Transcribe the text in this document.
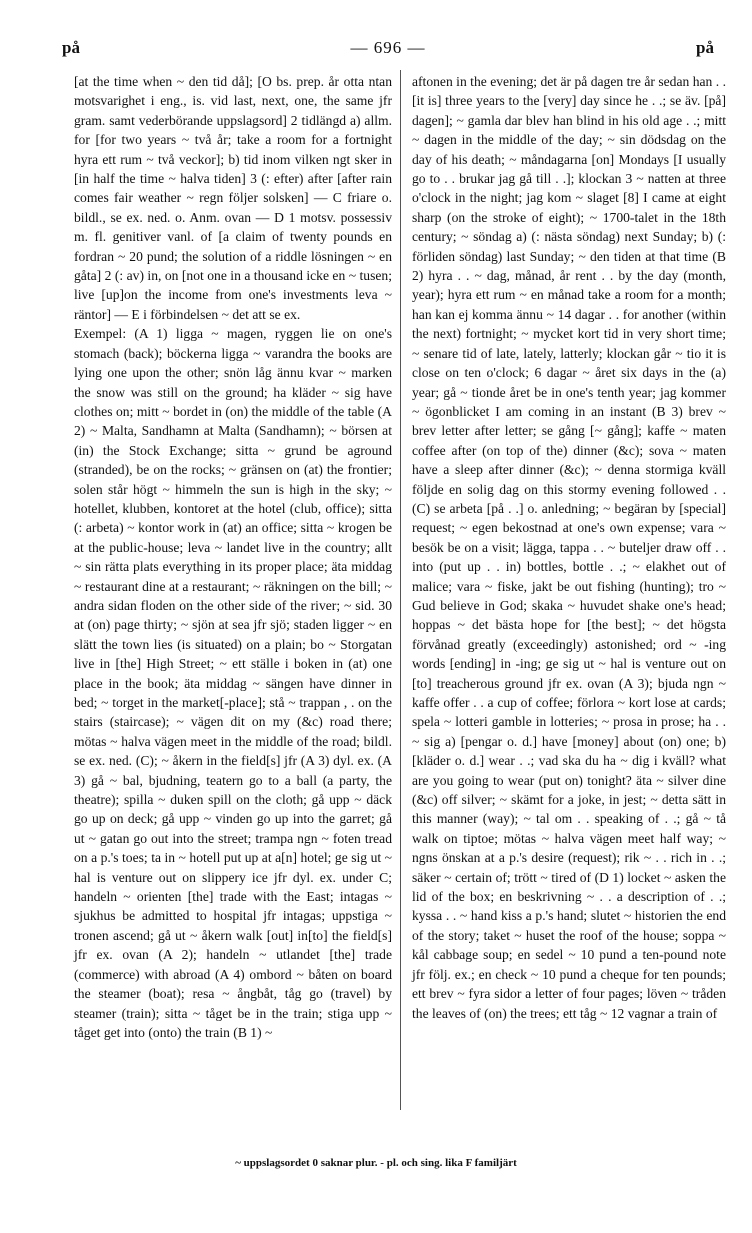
på	— 696 —	på

[at the time when ~ den tid då]; [O bs. prep. år otta ntan motsvarighet i eng., is. vid last, next, one, the same jfr gram. samt vederbörande uppslagsord] 2 tidlängd a) allm. for [for two years ~ två år; take a room for a fortnight hyra ett rum ~ två veckor]; b) tid inom vilken ngt sker in [in half the time ~ halva tiden] 3 (: efter) after [after rain comes fair weather ~ regn följer solsken] — C friare o. bildl., se ex. ned. o. Anm. ovan — D 1 motsv. possessiv m. fl. genitiver vanl. of [a claim of twenty pounds en fordran ~ 20 pund; the solution of a riddle lösningen ~ en gåta] 2 (: av) in, on [not one in a thousand icke en ~ tusen; live [up]on the income from one's investments leva ~ räntor] — E i förbindelsen ~ det att se ex.

Exempel: (A 1) ligga ~ magen, ryggen lie on one's stomach (back); böckerna ligga ~ varandra the books are lying one upon the other; snön låg ännu kvar ~ marken the snow was still on the ground; ha kläder ~ sig have clothes on; mitt ~ bordet in (on) the middle of the table (A 2) ~ Malta, Sandhamn at Malta (Sandhamn); ~ börsen at (in) the Stock Exchange; sitta ~ grund be aground (stranded), be on the rocks; ~ gränsen on (at) the frontier; solen står högt ~ himmeln the sun is high in the sky; ~ hotellet, klubben, kontoret at the hotel (club, office); sitta (: arbeta) ~ kontor work in (at) an office; sitta ~ krogen be at the public-house; leva ~ landet live in the country; allt ~ sin rätta plats everything in its proper place; äta middag ~ restaurant dine at a restaurant; ~ räkningen on the bill; ~ andra sidan floden on the other side of the river; ~ sid. 30 at (on) page thirty; ~ sjön at sea jfr sjö; staden ligger ~ en slätt the town lies (is situated) on a plain; bo ~ Storgatan live in [the] High Street; ~ ett ställe i boken in (at) one place in the book; äta middag ~ sängen have dinner in bed; ~ torget in the market[-place]; stå ~ trappan , . on the stairs (staircase); ~ vägen dit on my (&c) road there; mötas ~ halva vägen meet in the middle of the road; bildl. se ex. ned. (C); ~ åkern in the field[s] jfr (A 3) dyl. ex. (A 3) gå ~ bal, bjudning, teatern go to a ball (a party, the theatre); spilla ~ duken spill on the cloth; gå upp ~ däck go up on deck; gå upp ~ vinden go up into the garret; gå ut ~ gatan go out into the street; trampa ngn ~ foten tread on a p.'s toes; ta in ~ hotell put up at a[n] hotel; ge sig ut ~ hal is venture out on slippery ice jfr dyl. ex. under C; handeln ~ orienten [the] trade with the East; intagas ~ sjukhus be admitted to hospital jfr intagas; uppstiga ~ tronen ascend; gå ut ~ åkern walk [out] in[to] the field[s] jfr ex. ovan (A 2); handeln ~ utlandet [the] trade (commerce) with abroad (A 4) ombord ~ båten on board the steamer (boat); resa ~ ångbåt, tåg go (travel) by steamer (train); sitta ~ tåget be in the train; stiga upp ~ tåget get into (onto) the train (B 1) ~

aftonen in the evening; det är på dagen tre år sedan han . . [it is] three years to the [very] day since he . .; se äv. [på] dagen]; ~ gamla dar blev han blind in his old age . .; mitt ~ dagen in the middle of the day; ~ sin dödsdag on the day of his death; ~ måndagarna [on] Mondays [I usually go to . . brukar jag gå till . .]; klockan 3 ~ natten at three o'clock in the night; jag kom ~ slaget [8] I came at eight sharp (on the stroke of eight); ~ 1700-talet in the 18th century; ~ söndag a) (: nästa söndag) next Sunday; b) (: förliden söndag) last Sunday; ~ den tiden at that time (B 2) hyra . . ~ dag, månad, år rent . . by the day (month, year); hyra ett rum ~ en månad take a room for a month; han kan ej komma ännu ~ 14 dagar . . for another (within the next) fortnight; ~ mycket kort tid in very short time; ~ senare tid of late, lately, latterly; klockan går ~ tio it is close on ten o'clock; 6 dagar ~ året six days in the (a) year; gå ~ tionde året be in one's tenth year; jag kommer ~ ögonblicket I am coming in an instant (B 3) brev ~ brev letter after letter; se gång [~ gång]; kaffe ~ maten coffee after (on top of the) dinner (&c); sova ~ maten have a sleep after dinner (&c); ~ denna stormiga kväll följde en solig dag on this stormy evening followed . . (C) se arbeta [på . .] o. anledning; ~ begäran by [special] request; ~ egen bekostnad at one's own expense; vara ~ besök be on a visit; lägga, tappa . . ~ buteljer draw off . . into (put up . . in) bottles, bottle . .; ~ elakhet out of malice; vara ~ fiske, jakt be out fishing (hunting); tro ~ Gud believe in God; skaka ~ huvudet shake one's head; hoppas ~ det bästa hope for [the best]; ~ det högsta förvånad greatly (exceedingly) astonished; ord ~ -ing words [ending] in -ing; ge sig ut ~ hal is venture out on [to] treacherous ground jfr ex. ovan (A 3); bjuda ngn ~ kaffe offer . . a cup of coffee; förlora ~ kort lose at cards; spela ~ lotteri gamble in lotteries; ~ prosa in prose; ha . . ~ sig a) [pengar o. d.] have [money] about (on) one; b) [kläder o. d.] wear . .; vad ska du ha ~ dig i kväll? what are you going to wear (put on) tonight? äta ~ silver dine (&c) off silver; ~ skämt for a joke, in jest; ~ detta sätt in this manner (way); ~ tal om . . speaking of . .; gå ~ tå walk on tiptoe; mötas ~ halva vägen meet half way; ~ ngns önskan at a p.'s desire (request); rik ~ . . rich in . .; säker ~ certain of; trött ~ tired of (D 1) locket ~ asken the lid of the box; en beskrivning ~ . . a description of . .; kyssa . . ~ hand kiss a p.'s hand; slutet ~ historien the end of the story; taket ~ huset the roof of the house; soppa ~ kål cabbage soup; en sedel ~ 10 pund a ten-pound note jfr följ. ex.; en check ~ 10 pund a cheque for ten pounds; ett brev ~ fyra sidor a letter of four pages; löven ~ tråden the leaves of (on) the trees; ett tåg ~ 12 vagnar a train of

~ uppslagsordet 0 saknar plur. - pl. och sing. lika F familjärt
